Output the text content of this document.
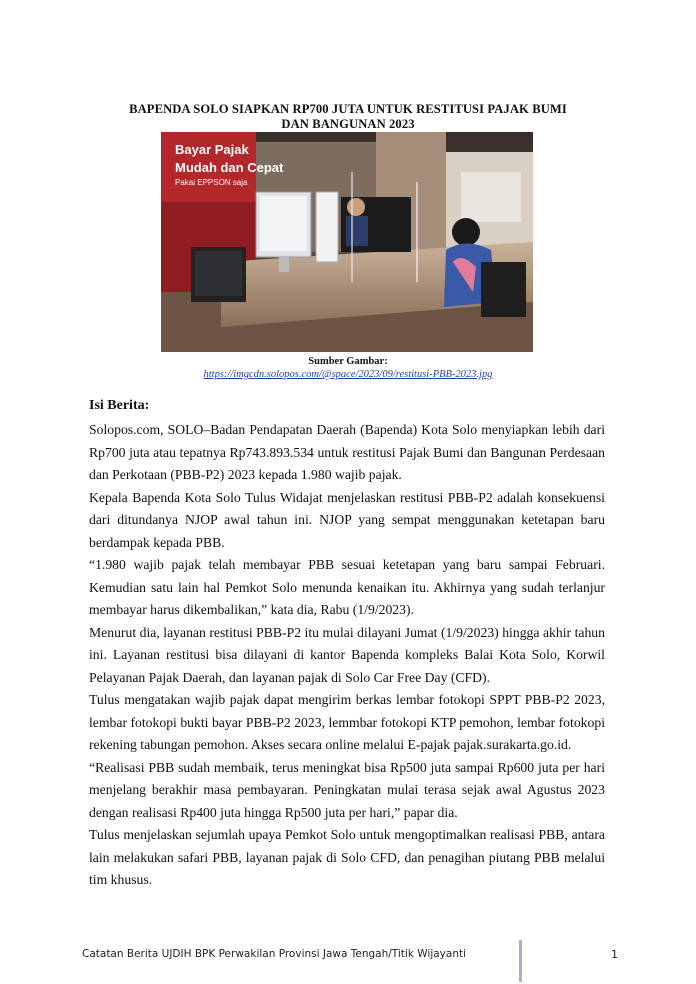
BAPENDA SOLO SIAPKAN RP700 JUTA UNTUK RESTITUSI PAJAK BUMI
DAN BANGUNAN 2023
Bayar Pajak
Mudah dan Cepat
Pakai EPPSON saja
Sumber Gambar:
https://imgcdn.solopos.com/@space/2023/09/restitusi-PBB-2023.jpg
Isi Berita:

Solopos.com, SOLO–Badan Pendapatan Daerah (Bapenda) Kota Solo menyiapkan lebih dari Rp700 juta atau tepatnya Rp743.893.534 untuk restitusi Pajak Bumi dan Bangunan Perdesaan dan Perkotaan (PBB-P2) 2023 kepada 1.980 wajib pajak.

Kepala Bapenda Kota Solo Tulus Widajat menjelaskan restitusi PBB-P2 adalah konsekuensi dari ditundanya NJOP awal tahun ini. NJOP yang sempat menggunakan ketetapan baru berdampak kepada PBB.

“1.980 wajib pajak telah membayar PBB sesuai ketetapan yang baru sampai Februari. Kemudian satu lain hal Pemkot Solo menunda kenaikan itu. Akhirnya yang sudah terlanjur membayar harus dikembalikan,” kata dia, Rabu (1/9/2023).

Menurut dia, layanan restitusi PBB-P2 itu mulai dilayani Jumat (1/9/2023) hingga akhir tahun ini. Layanan restitusi bisa dilayani di kantor Bapenda kompleks Balai Kota Solo, Korwil Pelayanan Pajak Daerah, dan layanan pajak di Solo Car Free Day (CFD).

Tulus mengatakan wajib pajak dapat mengirim berkas lembar fotokopi SPPT PBB-P2 2023, lembar fotokopi bukti bayar PBB-P2 2023, lemmbar fotokopi KTP pemohon, lembar fotokopi rekening tabungan pemohon. Akses secara online melalui E-pajak pajak.surakarta.go.id.

“Realisasi PBB sudah membaik, terus meningkat bisa Rp500 juta sampai Rp600 juta per hari menjelang berakhir masa pembayaran. Peningkatan mulai terasa sejak awal Agustus 2023 dengan realisasi Rp400 juta hingga Rp500 juta per hari,” papar dia.

Tulus menjelaskan sejumlah upaya Pemkot Solo untuk mengoptimalkan realisasi PBB, antara lain melakukan safari PBB, layanan pajak di Solo CFD, dan penagihan piutang PBB melalui tim khusus.

Catatan Berita UJDIH BPK Perwakilan Provinsi Jawa Tengah/Titik Wijayanti	1
